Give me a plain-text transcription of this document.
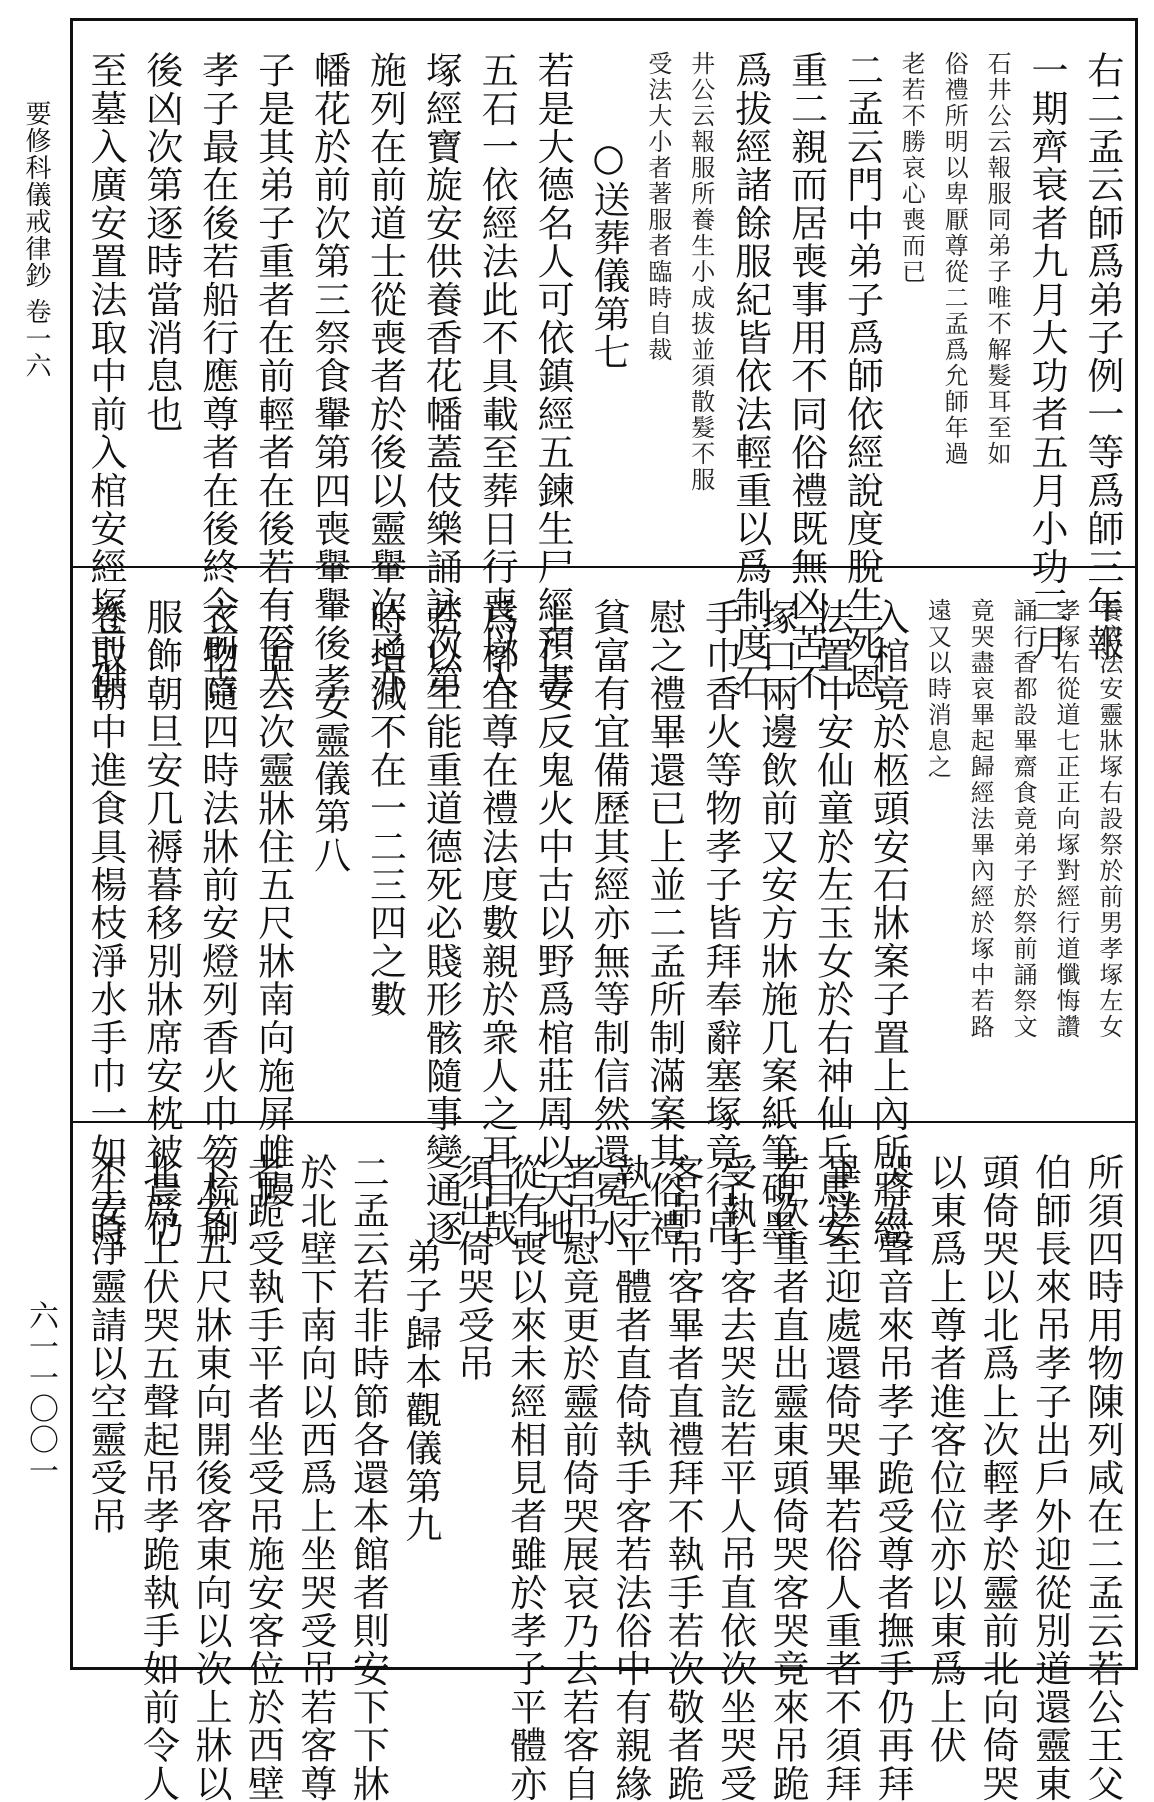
要修科儀戒律鈔 卷一六
六一一〇〇一
右二孟云師爲弟子例一等爲師三年報
一期齊衰者九月大功者五月小功三月
石井公云報服同弟子唯不解髮耳至如
俗禮所明以卑厭尊從二孟爲允師年過
老若不勝哀心喪而已
二孟云門中弟子爲師依經說度脫生死恩
重二親而居喪事用不同俗禮既無凶苦不
爲拔經諸餘服紀皆依法輕重以爲制度石
井公云報服所養生小成拔並須散髮不服
受法大小者著服者臨時自裁
○送葬儀第七
若是大德名人可依鎮經五鍊生尸經預書
五石一依經法此不具載至葬日行喪以入
塚經寶旋安供養香花幡蓋伎樂誦詠次第
施列在前道士從喪者於後以靈轝次之亦
幡花於前次第三祭食轝第四喪轝轝後孝
子是其弟子重者在前輕者在後若有俗人
孝子最在後若船行應尊者在後終令前吉
後凶次第逐時當消息也
至墓入廣安置法取中前入棺安經塚前供
養依法安靈牀塚右設祭於前男孝塚左女
孝塚右從道七正正向塚對經行道懺悔讚
誦行香都設畢齋食竟弟子於祭前誦祭文
竟哭盡哀畢起歸經法畢內經於塚中若路
遠又以時消息之
入棺竟於柩頭安石牀案子置上內所將經
法置中安仙童於左玉女於右神仙兵馬安
塚口兩邊飲前又安方牀施几案紙筆硯墨
手巾香火等物孝子皆拜奉辭塞塚竟行吊
慰之禮畢還已上並二孟所制滿案其俗禮
貧富有宜備歷其經亦無等制信然還冕水
上仁安反鬼火中古以野爲棺莊周以天地
爲槨宜尊在禮法度數親於衆人之耳目哉
若以生能重道德死必賤形骸隨事變通逐
時增減不在一二三四之數
安靈儀第八
二孟云次靈牀住五尺牀南向施屏帷幔
衣物隨四時法牀前安燈列香火巾笏梳刷
服飾朝旦安几褥暮移別牀席安枕被晨仍
卷取朝中進食具楊枝淨水手巾一如生時
所須四時用物陳列咸在二孟云若公王父
伯師長來吊孝子出戶外迎從別道還靈東
頭倚哭以北爲上次輕孝於靈前北向倚哭
以東爲上尊者進客位位亦以東爲上伏
哭五聲音來吊孝子跪受尊者撫手仍再拜
畢送至迎處還倚哭畢若俗人重者不須拜
若次重者直出靈東頭倚哭客哭竟來吊跪
受執手客去哭訖若平人吊直依次坐哭受
客吊吊客畢者直禮拜不執手若次敬者跪
執手平體者直倚執手客若法俗中有親緣
者吊慰竟更於靈前倚哭展哀乃去若客自
從有喪以來未經相見者雖於孝子平體亦
須出倚哭受吊
弟子歸本觀儀第九
二孟云若非時節各還本館者則安下下牀
於北壁下南向以西爲上坐哭受吊若客尊
者跪受執手平者坐受吊施安客位於西壁
下安五尺牀東向開後客東向以次上牀以
北爲上伏哭五聲起吊孝跪執手如前令人
不安淨靈請以空靈受吊
